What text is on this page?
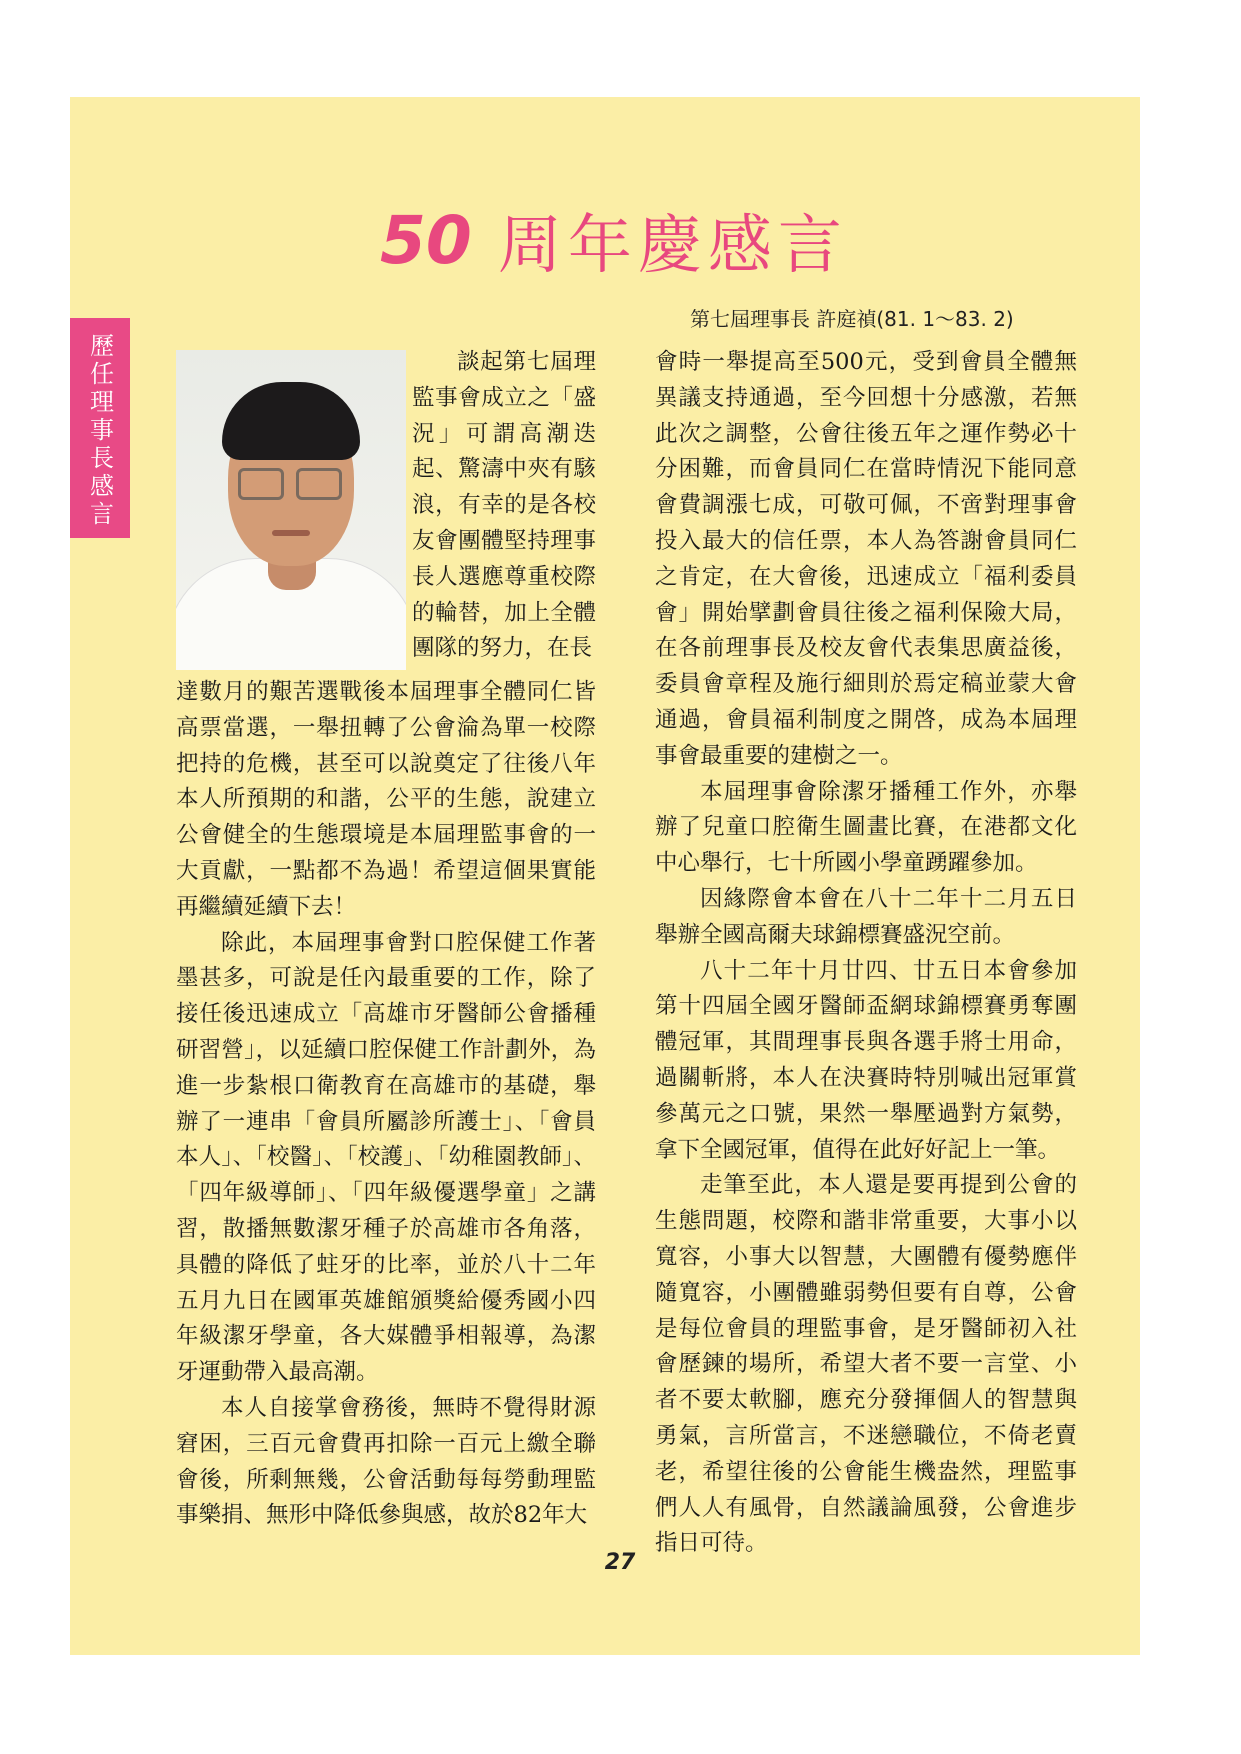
歷任理事長感言
50 周年慶感言
第七屆理事長 許庭禎(81. 1～83. 2)

談起第七屆理監事會成立之「盛況」可謂高潮迭起、驚濤中夾有駭浪，有幸的是各校友會團體堅持理事長人選應尊重校際的輪替，加上全體團隊的努力，在長

達數月的艱苦選戰後本屆理事全體同仁皆高票當選，一舉扭轉了公會淪為單一校際把持的危機，甚至可以說奠定了往後八年本人所預期的和諧，公平的生態，說建立公會健全的生態環境是本屆理監事會的一大貢獻，一點都不為過！希望這個果實能再繼續延續下去！

除此，本屆理事會對口腔保健工作著墨甚多，可說是任內最重要的工作，除了接任後迅速成立「高雄市牙醫師公會播種研習營」，以延續口腔保健工作計劃外，為進一步紮根口衛教育在高雄市的基礎，舉辦了一連串「會員所屬診所護士」、「會員本人」、「校醫」、「校護」、「幼稚園教師」、「四年級導師」、「四年級優選學童」之講習，散播無數潔牙種子於高雄市各角落，具體的降低了蛀牙的比率，並於八十二年五月九日在國軍英雄館頒獎給優秀國小四年級潔牙學童，各大媒體爭相報導，為潔牙運動帶入最高潮。

本人自接掌會務後，無時不覺得財源窘困，三百元會費再扣除一百元上繳全聯會後，所剩無幾，公會活動每每勞動理監事樂捐、無形中降低參與感，故於82年大

會時一舉提高至500元，受到會員全體無異議支持通過，至今回想十分感激，若無此次之調整，公會往後五年之運作勢必十分困難，而會員同仁在當時情況下能同意會費調漲七成，可敬可佩，不啻對理事會投入最大的信任票，本人為答謝會員同仁之肯定，在大會後，迅速成立「福利委員會」開始擘劃會員往後之福利保險大局，在各前理事長及校友會代表集思廣益後，委員會章程及施行細則於焉定稿並蒙大會通過，會員福利制度之開啓，成為本屆理事會最重要的建樹之一。

本屆理事會除潔牙播種工作外，亦舉辦了兒童口腔衛生圖畫比賽，在港都文化中心舉行，七十所國小學童踴躍參加。

因緣際會本會在八十二年十二月五日舉辦全國高爾夫球錦標賽盛況空前。

八十二年十月廿四、廿五日本會參加第十四屆全國牙醫師盃網球錦標賽勇奪團體冠軍，其間理事長與各選手將士用命，過關斬將，本人在決賽時特別喊出冠軍賞參萬元之口號，果然一舉壓過對方氣勢，拿下全國冠軍，值得在此好好記上一筆。

走筆至此，本人還是要再提到公會的生態問題，校際和諧非常重要，大事小以寬容，小事大以智慧，大團體有優勢應伴隨寬容，小團體雖弱勢但要有自尊，公會是每位會員的理監事會，是牙醫師初入社會歷鍊的場所，希望大者不要一言堂、小者不要太軟腳，應充分發揮個人的智慧與勇氣，言所當言，不迷戀職位，不倚老賣老，希望往後的公會能生機盎然，理監事們人人有風骨，自然議論風發，公會進步指日可待。

27
